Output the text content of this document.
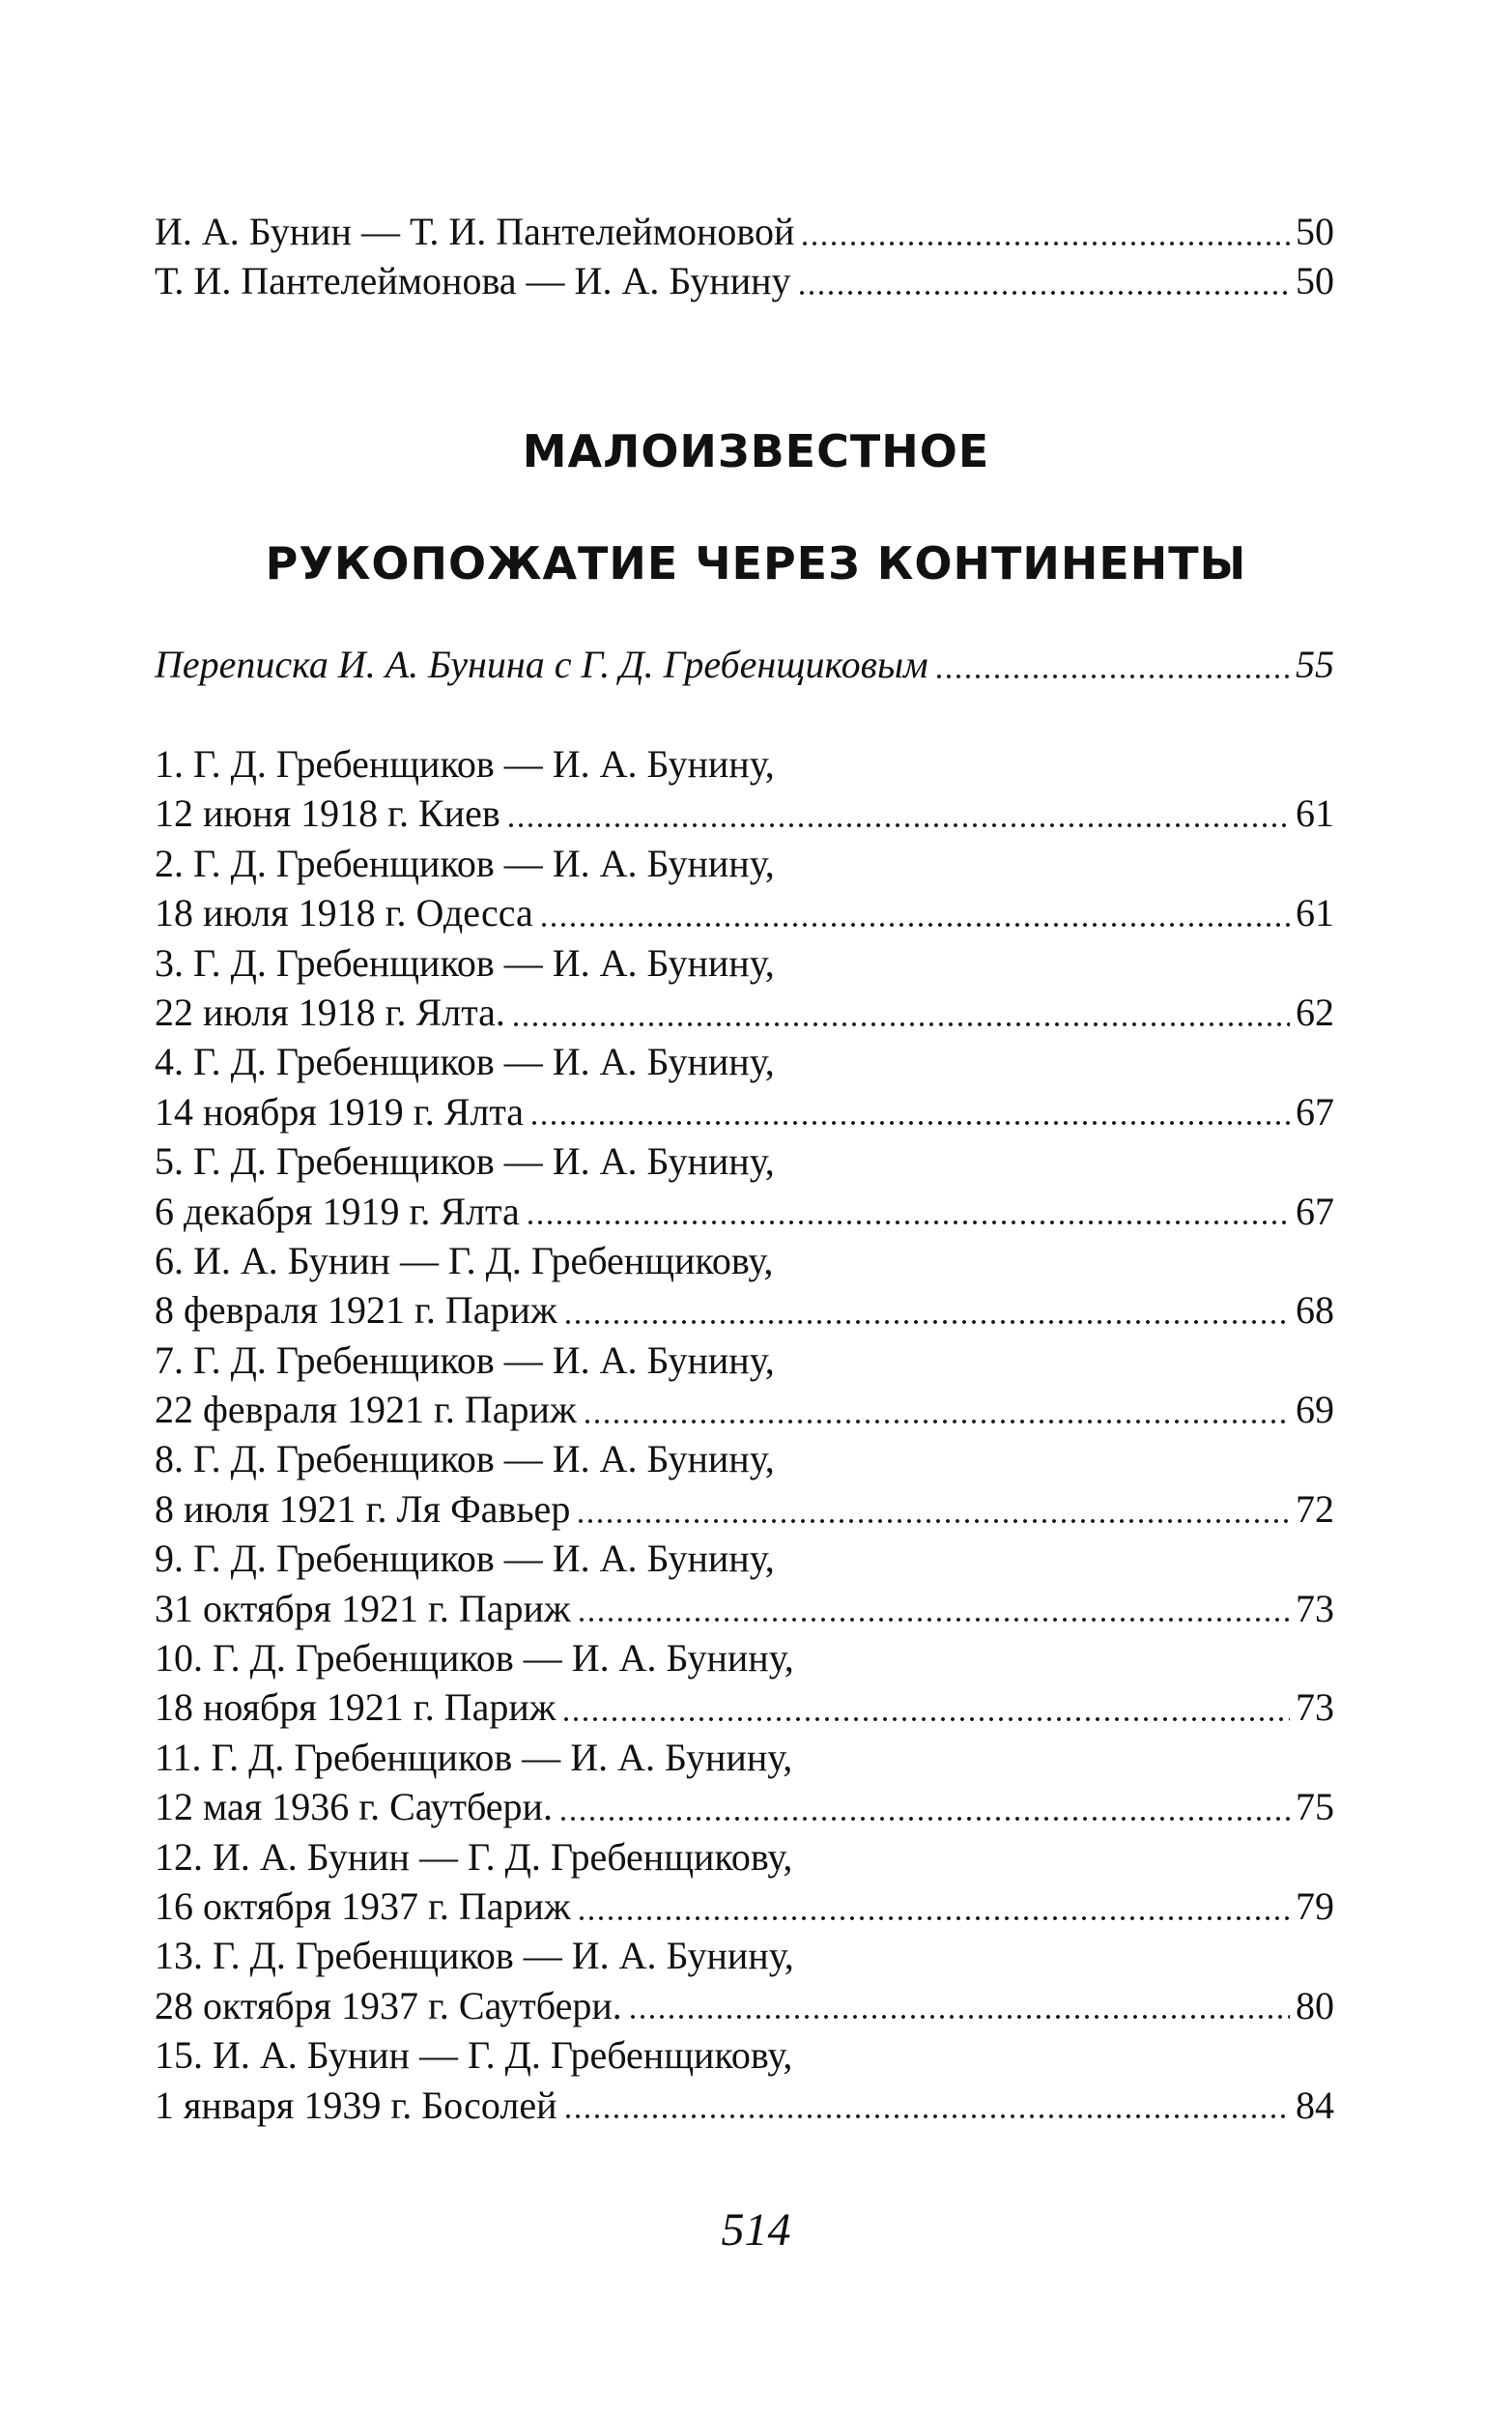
И. А. Бунин — Т. И. Пантелеймоновой	50
Т. И. Пантелеймонова — И. А. Бунину	50
МАЛОИЗВЕСТНОЕ
РУКОПОЖАТИЕ ЧЕРЕЗ КОНТИНЕНТЫ
Переписка И. А. Бунина с Г. Д. Гребенщиковым	55
1. Г. Д. Гребенщиков — И. А. Бунину,
12 июня 1918 г. Киев	61
2. Г. Д. Гребенщиков — И. А. Бунину,
18 июля 1918 г. Одесса	61
3. Г. Д. Гребенщиков — И. А. Бунину,
22 июля 1918 г. Ялта.	62
4. Г. Д. Гребенщиков — И. А. Бунину,
14 ноября 1919 г. Ялта	67
5. Г. Д. Гребенщиков — И. А. Бунину,
6 декабря 1919 г. Ялта	67
6. И. А. Бунин — Г. Д. Гребенщикову,
8 февраля 1921 г. Париж	68
7. Г. Д. Гребенщиков — И. А. Бунину,
22 февраля 1921 г. Париж	69
8. Г. Д. Гребенщиков — И. А. Бунину,
8 июля 1921 г. Ля Фавьер	72
9. Г. Д. Гребенщиков — И. А. Бунину,
31 октября 1921 г. Париж	73
10. Г. Д. Гребенщиков — И. А. Бунину,
18 ноября 1921 г. Париж	73
11. Г. Д. Гребенщиков — И. А. Бунину,
12 мая 1936 г. Саутбери.	75
12. И. А. Бунин — Г. Д. Гребенщикову,
16 октября 1937 г. Париж	79
13. Г. Д. Гребенщиков — И. А. Бунину,
28 октября 1937 г. Саутбери.	80
15. И. А. Бунин — Г. Д. Гребенщикову,
1 января 1939 г. Босолей	84
514
